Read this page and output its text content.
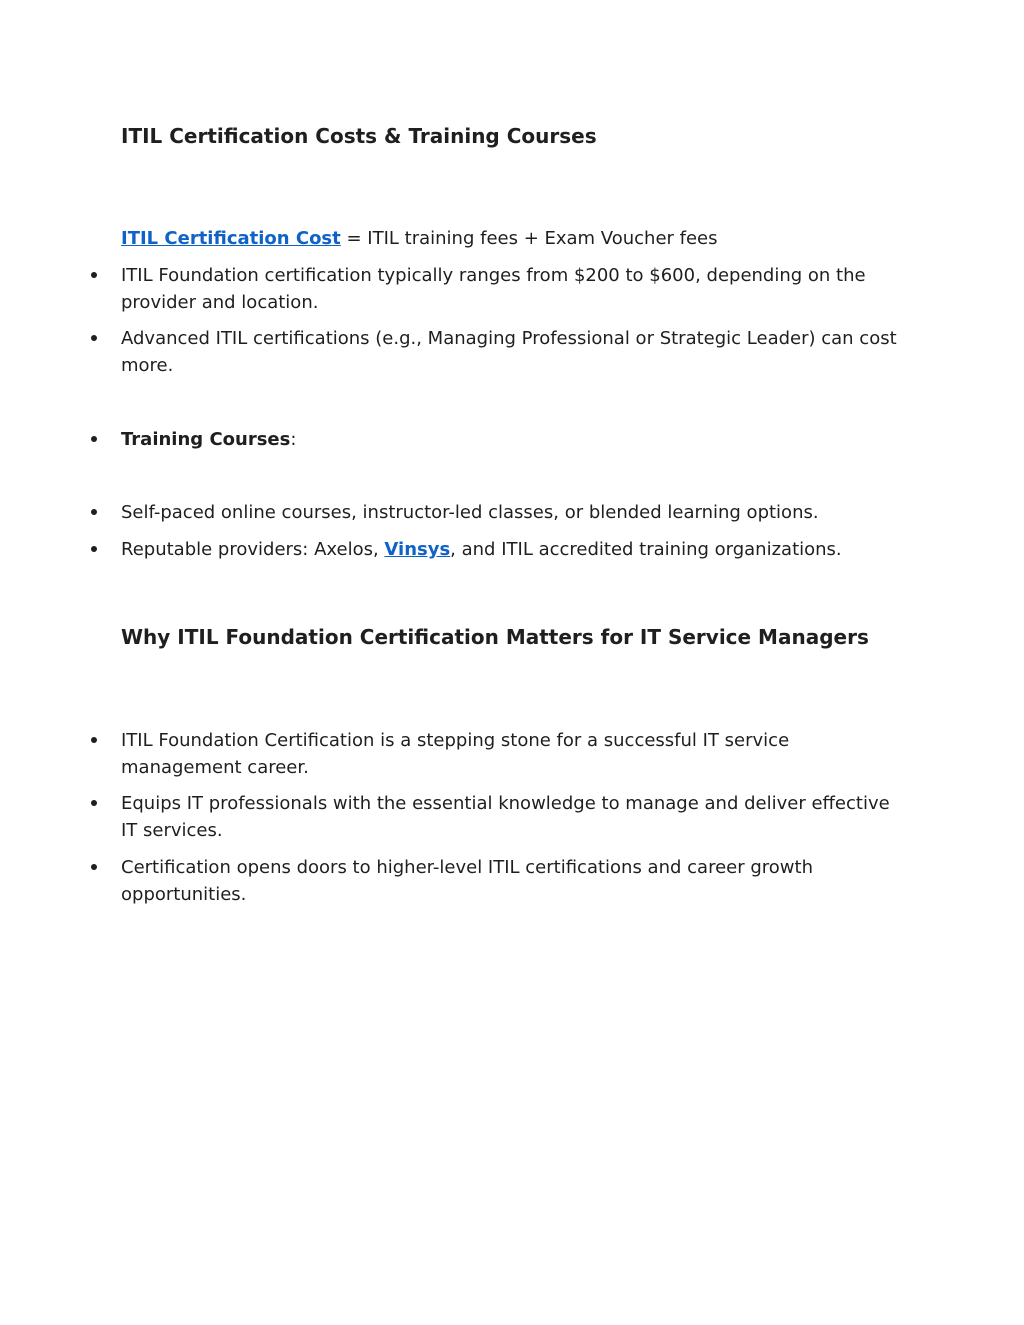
ITIL Certification Costs & Training Courses

ITIL Certification Cost = ITIL training fees + Exam Voucher fees

ITIL Foundation certification typically ranges from $200 to $600, depending on the provider and location.
Advanced ITIL certifications (e.g., Managing Professional or Strategic Leader) can cost more.
Training Courses:
Self-paced online courses, instructor-led classes, or blended learning options.
Reputable providers: Axelos, Vinsys, and ITIL accredited training organizations.
Why ITIL Foundation Certification Matters for IT Service Managers
ITIL Foundation Certification is a stepping stone for a successful IT service management career.
Equips IT professionals with the essential knowledge to manage and deliver effective IT services.
Certification opens doors to higher-level ITIL certifications and career growth opportunities.
